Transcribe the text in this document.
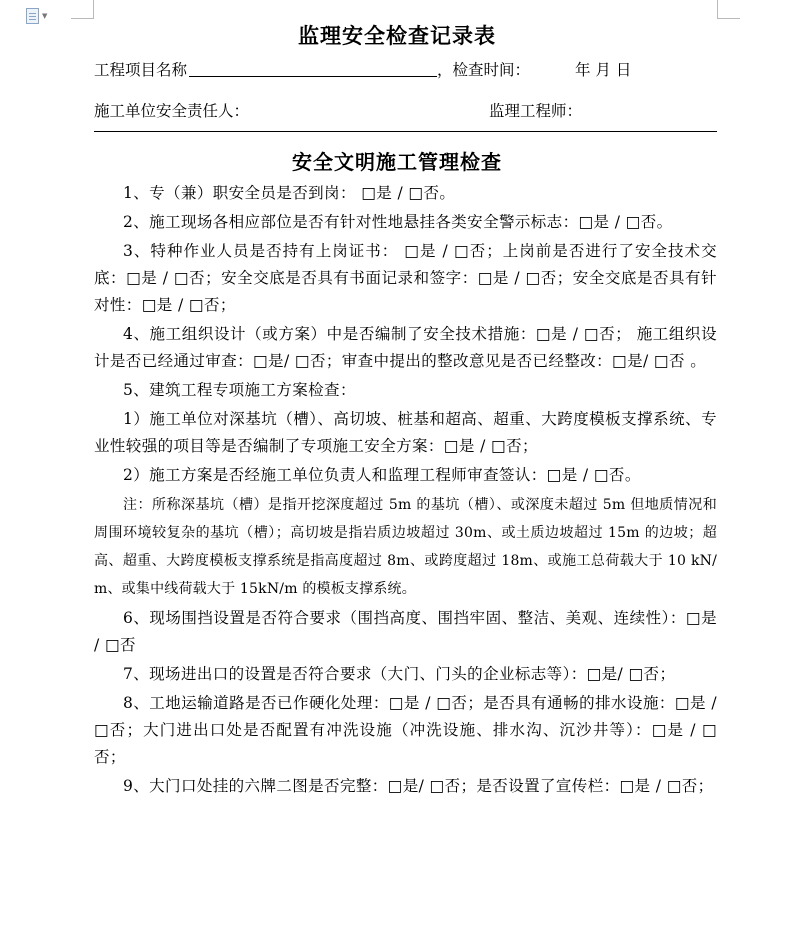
▼
监理安全检查记录表
工程项目名称	，检查时间：	年 月 日
施工单位安全责任人：	监理工程师：
安全文明施工管理检查

1、专（兼）职安全员是否到岗： □是 / □否。

2、施工现场各相应部位是否有针对性地悬挂各类安全警示标志：□是 / □否。

3、特种作业人员是否持有上岗证书： □是 / □否；上岗前是否进行了安全技术交底：□是 / □否；安全交底是否具有书面记录和签字：□是 / □否；安全交底是否具有针对性：□是 / □否；

4、施工组织设计（或方案）中是否编制了安全技术措施：□是 / □否； 施工组织设计是否已经通过审查：□是/ □否；审查中提出的整改意见是否已经整改：□是/ □否 。

5、建筑工程专项施工方案检查：

1）施工单位对深基坑（槽）、高切坡、桩基和超高、超重、大跨度模板支撑系统、专业性较强的项目等是否编制了专项施工安全方案：□是 / □否；

2）施工方案是否经施工单位负责人和监理工程师审查签认：□是 / □否。

注：所称深基坑（槽）是指开挖深度超过 5m 的基坑（槽）、或深度未超过 5m 但地质情况和周围环境较复杂的基坑（槽）；高切坡是指岩质边坡超过 30m、或土质边坡超过 15m 的边坡；超高、超重、大跨度模板支撑系统是指高度超过 8m、或跨度超过 18m、或施工总荷载大于 10 kN/ m、或集中线荷载大于 15kN/m 的模板支撑系统。

6、现场围挡设置是否符合要求（围挡高度、围挡牢固、整洁、美观、连续性）：□是 / □否

7、现场进出口的设置是否符合要求（大门、门头的企业标志等）：□是/ □否；

8、工地运输道路是否已作硬化处理：□是 / □否；是否具有通畅的排水设施：□是 / □否；大门进出口处是否配置有冲洗设施（冲洗设施、排水沟、沉沙井等）：□是 / □否；

9、大门口处挂的六牌二图是否完整：□是/ □否；是否设置了宣传栏：□是 / □否；
